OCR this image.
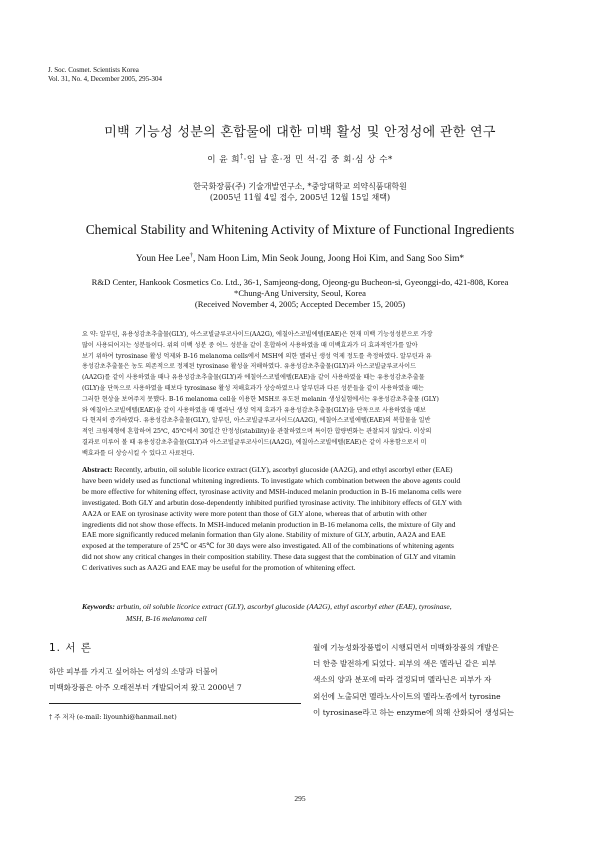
J. Soc. Cosmet. Scientists Korea
Vol. 31, No. 4, December 2005, 295-304
미백 기능성 성분의 혼합물에 대한 미백 활성 및 안정성에 관한 연구
이 윤 희†·임 남 훈·정 민 석·김 중 회·심 상 수*
한국화장품(주) 기술개발연구소, *중앙대학교 의약식품대학원
(2005년 11월 4일 접수, 2005년 12월 15일 채택)
Chemical Stability and Whitening Activity of Mixture of Functional Ingredients
Youn Hee Lee†, Nam Hoon Lim, Min Seok Joung, Joong Hoi Kim, and Sang Soo Sim*
R&D Center, Hankook Cosmetics Co. Ltd., 36-1, Samjeong-dong, Ojeong-gu Bucheon-si, Gyeonggi-do, 421-808, Korea
*Chung-Ang University, Seoul, Korea
(Received November 4, 2005; Accepted December 15, 2005)
요 약: 알부틴, 유용성감초추출물(GLY), 아스코빌글루코사이드(AA2G), 에칠아스코빌에텔(EAE)은 현재 미백 기능성성분으로 가장
많이 사용되어지는 성분들이다. 위의 미백 성분 중 어느 성분을 같이 혼합하여 사용하였을 때 미백효과가 더 효과적인가를 알아
보기 위하여 tyrosinase 활성 억제와 B-16 melanoma cells에서 MSH에 의한 멜라닌 생성 억제 정도를 측정하였다. 알부틴과 유
용성감초추출물은 농도 의존적으로 정제된 tyrosinase 활성을 저해하였다. 유용성감초추출물(GLY)과 아스코빌글루코사이드
(AA2G)를 같이 사용하였을 때나 유용성감초추출물(GLY)과 에칠아스코빌에텔(EAE)을 같이 사용하였을 때는 유용성감초추출물
(GLY)을 단독으로 사용하였을 때보다 tyrosinase 활성 저해효과가 상승하였으나 알부틴과 다른 성분들을 같이 사용하였을 때는
그러한 현상을 보여주지 못했다. B-16 melanoma cell을 이용한 MSH로 유도된 melanin 생성실험에서는 유용성감초추출물 (GLY)
와 에칠아스코빌에텔(EAE)을 같이 사용하였을 때 멜라닌 생성 억제 효과가 유용성감초추출물(GLY)을 단독으로 사용하였을 때보
다 현저히 증가하였다. 유용성감초추출물(GLY), 알부틴, 아스코빌글루코사이드(AA2G), 에칠아스코빌에텔(EAE)의 복합물을 일반
적인 크림제형에 혼합하여 25℃, 45℃에서 30일간 안정성(stability)을 관찰하였으며 특이한 합량변화는 관찰되지 않았다. 이상의
결과로 미루어 볼 때 유용성감초추출물(GLY)과 아스코빌글루코사이드(AA2G), 에칠아스코빌에텔(EAE)은 같이 사용함으로서 미
백효과를 더 상승시킬 수 있다고 사료된다.
Abstract: Recently, arbutin, oil soluble licorice extract (GLY), ascorbyl glucoside (AA2G), and ethyl ascorbyl ether (EAE)
have been widely used as functional whitening ingredients. To investigate which combination between the above agents could
be more effective for whitening effect, tyrosinase activity and MSH-induced melanin production in B-16 melanoma cells were
investigated. Both GLY and arbutin dose-dependently inhibited purified tyrosinase activity. The inhibitory effects of GLY with
AA2A or EAE on tyrosinase activity were more potent than those of GLY alone, whereas that of arbutin with other
ingredients did not show those effects. In MSH-induced melanin production in B-16 melanoma cells, the mixture of Gly and
EAE more significantly reduced melanin formation than Gly alone. Stability of mixture of GLY, arbutin, AA2A and EAE
exposed at the temperature of 25℃ or 45℃ for 30 days were also investigated. All of the combinations of whitening agents
did not show any critical changes in their composition stability. These data suggest that the combination of GLY and vitamin
C derivatives such as AA2G and EAE may be useful for the promotion of whitening effect.
Keywords: arbutin, oil soluble licorice extract (GLY), ascorbyl glucoside (AA2G), ethyl ascorbyl ether (EAE), tyrosinase,
MSH, B-16 melanoma cell
1. 서 론
하얀 피부를 가지고 싶어하는 여성의 소망과 더불어
미백화장품은 아주 오래전부터 개발되어져 왔고 2000년 7
월에 기능성화장품법이 시행되면서 미백화장품의 개발은
더 한층 발전하게 되었다. 피부의 색은 멜라닌 같은 피부
색소의 양과 분포에 따라 결정되며 멜라닌은 피부가 자
외선에 노출되면 멜라노사이트의 멜라노좀에서 tyrosine
이 tyrosinase라고 하는 enzyme에 의해 산화되어 생성되는
† 주 저자 (e-mail: liyounhi@hanmail.net)
295
